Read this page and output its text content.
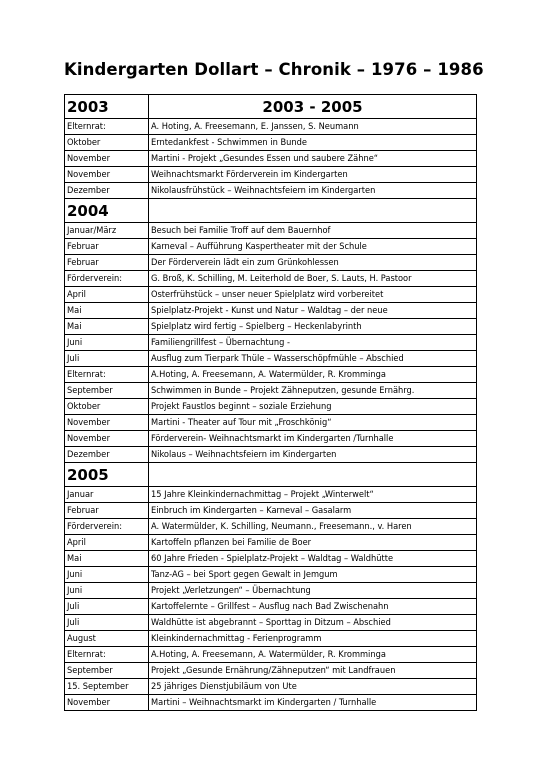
Kindergarten Dollart – Chronik – 1976 – 1986
2003	2003 - 2005
Elternrat:	A. Hoting, A. Freesemann, E. Janssen, S. Neumann
Oktober	Erntedankfest - Schwimmen in Bunde
November	Martini - Projekt „Gesundes Essen und saubere Zähne“
November	Weihnachtsmarkt Förderverein im Kindergarten
Dezember	Nikolausfrühstück – Weihnachtsfeiern im Kindergarten
2004	
Januar/März	Besuch bei Familie Troff auf dem Bauernhof
Februar	Karneval – Aufführung Kaspertheater mit der Schule
Februar	Der Förderverein lädt ein zum Grünkohlessen
Förderverein:	G. Broß, K. Schilling, M. Leiterhold de Boer, S. Lauts, H. Pastoor
April	Osterfrühstück – unser neuer Spielplatz wird vorbereitet
Mai	Spielplatz-Projekt - Kunst und Natur – Waldtag – der neue
Mai	Spielplatz wird fertig – Spielberg – Heckenlabyrinth
Juni	Familiengrillfest – Übernachtung -
Juli	Ausflug zum Tierpark Thüle – Wasserschöpfmühle – Abschied
Elternrat:	A.Hoting, A. Freesemann, A. Watermülder, R. Kromminga
September	Schwimmen in Bunde – Projekt Zähneputzen, gesunde Ernährg.
Oktober	Projekt Faustlos beginnt – soziale Erziehung
November	Martini - Theater auf Tour mit „Froschkönig“
November	Förderverein- Weihnachtsmarkt im Kindergarten /Turnhalle
Dezember	Nikolaus – Weihnachtsfeiern im Kindergarten
2005	
Januar	15 Jahre Kleinkindernachmittag – Projekt „Winterwelt“
Februar	Einbruch im Kindergarten – Karneval – Gasalarm
Förderverein:	A. Watermülder, K. Schilling, Neumann., Freesemann., v. Haren
April	Kartoffeln pflanzen bei Familie de Boer
Mai	60 Jahre Frieden - Spielplatz-Projekt – Waldtag – Waldhütte
Juni	Tanz-AG – bei Sport gegen Gewalt in Jemgum
Juni	Projekt „Verletzungen“ – Übernachtung
Juli	Kartoffelernte – Grillfest – Ausflug nach Bad Zwischenahn
Juli	Waldhütte ist abgebrannt – Sporttag in Ditzum – Abschied
August	Kleinkindernachmittag - Ferienprogramm
Elternrat:	A.Hoting, A. Freesemann, A. Watermülder, R. Kromminga
September	Projekt „Gesunde Ernährung/Zähneputzen“ mit Landfrauen
15. September	25 jähriges Dienstjubiläum von Ute
November	Martini – Weihnachtsmarkt im Kindergarten / Turnhalle
